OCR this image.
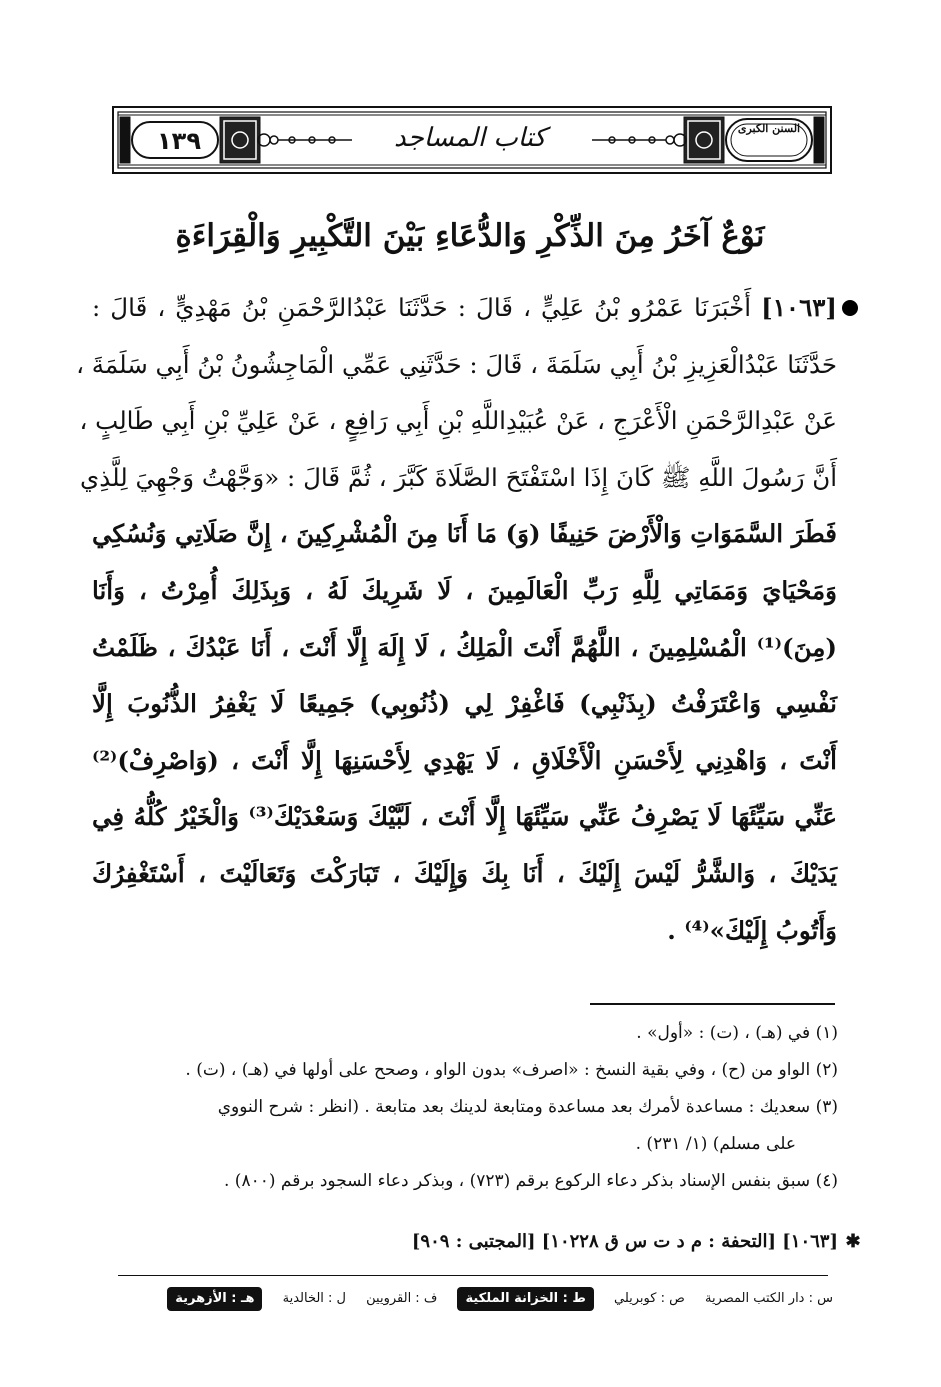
١٣٩	كتاب المساجد	السنن الكبرى
نَوْعٌ آخَرُ مِنَ الذِّكْرِ وَالدُّعَاءِ بَيْنَ التَّكْبِيرِ وَالْقِرَاءَةِ
[١٠٦٣] أَخْبَرَنَا عَمْرُو بْنُ عَلِيٍّ ، قَالَ : حَدَّثَنَا عَبْدُالرَّحْمَنِ بْنُ مَهْدِيٍّ ، قَالَ :
حَدَّثَنَا عَبْدُالْعَزِيزِ بْنُ أَبِي سَلَمَةَ ، قَالَ : حَدَّثَنِي عَمِّي الْمَاجِشُونُ بْنُ أَبِي سَلَمَةَ ،
عَنْ عَبْدِالرَّحْمَنِ الْأَعْرَجِ ، عَنْ عُبَيْدِاللَّهِ بْنِ أَبِي رَافِعٍ ، عَنْ عَلِيِّ بْنِ أَبِي طَالِبٍ ،
أَنَّ رَسُولَ اللَّهِ ﷺ كَانَ إِذَا اسْتَفْتَحَ الصَّلَاةَ كَبَّرَ ، ثُمَّ قَالَ : «وَجَّهْتُ وَجْهِيَ لِلَّذِي
فَطَرَ السَّمَوَاتِ وَالْأَرْضَ حَنِيفًا (وَ) مَا أَنَا مِنَ الْمُشْرِكِينَ ، إِنَّ صَلَاتِي وَنُسُكِي
وَمَحْيَايَ وَمَمَاتِي لِلَّهِ رَبِّ الْعَالَمِينَ ، لَا شَرِيكَ لَهُ ، وَبِذَلِكَ أُمِرْتُ ، وَأَنَا
(مِنَ)⁽¹⁾ الْمُسْلِمِينَ ، اللَّهُمَّ أَنْتَ الْمَلِكُ ، لَا إِلَهَ إِلَّا أَنْتَ ، أَنَا عَبْدُكَ ، ظَلَمْتُ
نَفْسِي وَاعْتَرَفْتُ (بِذَنْبِي) فَاغْفِرْ لِي (ذُنُوبِي) جَمِيعًا لَا يَغْفِرُ الذُّنُوبَ إِلَّا
أَنْتَ ، وَاهْدِنِي لِأَحْسَنِ الْأَخْلَاقِ ، لَا يَهْدِي لِأَحْسَنِهَا إِلَّا أَنْتَ ، (وَاصْرِفْ)⁽²⁾
عَنِّي سَيِّئَهَا لَا يَصْرِفُ عَنِّي سَيِّئَهَا إِلَّا أَنْتَ ، لَبَّيْكَ وَسَعْدَيْكَ⁽³⁾ وَالْخَيْرُ كُلُّهُ فِي
يَدَيْكَ ، وَالشَّرُّ لَيْسَ إِلَيْكَ ، أَنَا بِكَ وَإِلَيْكَ ، تَبَارَكْتَ وَتَعَالَيْتَ ، أَسْتَغْفِرُكَ
وَأَتُوبُ إِلَيْكَ»⁽⁴⁾ .
(١) في (هـ) ، (ت) : «أول» .
(٢) الواو من (ح) ، وفي بقية النسخ : «اصرف» بدون الواو ، وصحح على أولها في (هـ) ، (ت) .
(٣) سعديك : مساعدة لأمرك بعد مساعدة ومتابعة لدينك بعد متابعة . (انظر : شرح النووي
على مسلم) (١/ ٢٣١) .
(٤) سبق بنفس الإسناد بذكر دعاء الركوع برقم (٧٢٣) ، وبذكر دعاء السجود برقم (٨٠٠) .
✱[١٠٦٣] [التحفة : م د ت س ق ١٠٢٢٨] [المجتبى : ٩٠٩]
س : دار الكتب المصرية ص : كوبريلي ط : الخزانة الملكية ف : القرويين ل : الخالدية هـ : الأزهرية
